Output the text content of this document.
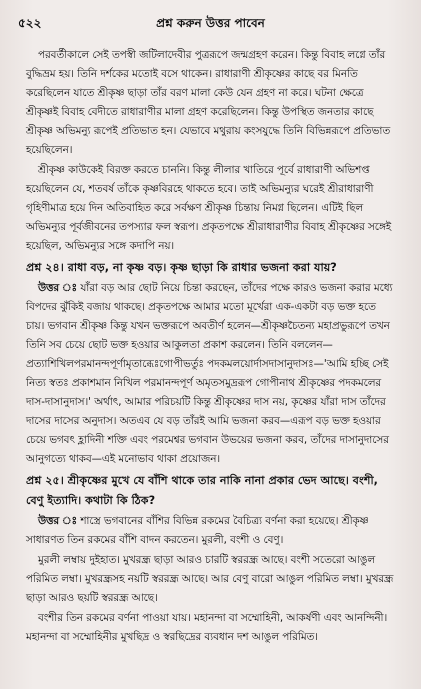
৫২২	প্রশ্ন করুন উত্তর পাবেন

পরবর্তীকালে সেই তপস্বী জটিলাদেবীর পুত্ররূপে জন্মগ্রহণ করেন। কিন্তু বিবাহ লগ্নে তাঁর বুদ্ধিভ্রম হয়। তিনি দর্শকের মতোই বসে থাকেন। রাধারাণী শ্রীকৃষ্ণের কাছে বর মিনতি করেছিলেন যাতে শ্রীকৃষ্ণ ছাড়া তাঁর বরণ মালা কেউ যেন গ্রহণ না করে। ঘটনা ক্ষেত্রে শ্রীকৃষ্ণই বিবাহ বেদীতে রাধারাণীর মালা গ্রহণ করেছিলেন। কিন্তু উপস্থিত জনতার কাছে শ্রীকৃষ্ণ অভিমন্যু রূপেই প্রতিভাত হন। যেভাবে মথুরায় কংসযুদ্ধে তিনি বিভিন্নরূপে প্রতিভাত হয়েছিলেন।

শ্রীকৃষ্ণ কাউকেই বিরক্ত করতে চাননি। কিন্তু লীলার খাতিরে পূর্বে রাধারাণী অভিশপ্ত হয়েছিলেন যে, শতবর্ষ তাঁকে কৃষ্ণবিরহে থাকতে হবে। তাই অভিমন্যুর ঘরেই শ্রীরাধারাণী গৃহিণীমাত্র হয়ে দিন অতিবাহিত করে সর্বক্ষণ শ্রীকৃষ্ণ চিন্তায় নিমগ্ন ছিলেন। এটিই ছিল অভিমন্যুর পূর্বজীবনের তপস্যার ফল স্বরূপ। প্রকৃতপক্ষে শ্রীরাধারাণীর বিবাহ শ্রীকৃষ্ণের সঙ্গেই হয়েছিল, অভিমন্যুর সঙ্গে কদাপি নয়।

প্রশ্ন ২৪। রাধা বড়, না কৃষ্ণ বড়। কৃষ্ণ ছাড়া কি রাধার ভজনা করা যায়?

উত্তর ঃ যাঁরা বড় আর ছোট নিয়ে চিন্তা করছেন, তাঁদের পক্ষে কারও ভজনা করার মধ্যে বিপদের ঝুঁকিই বজায় থাকছে। প্রকৃতপক্ষে আমার মতো মূর্খেরা এক-একটা বড় ভক্ত হতে চায়। ভগবান শ্রীকৃষ্ণ কিন্তু যখন ভক্তরূপে অবতীর্ণ হলেন—শ্রীকৃষ্ণচৈতন্য মহাপ্রভুরূপে তখন তিনি সব চেয়ে ছোট ভক্ত হওয়ার আকুলতা প্রকাশ করলেন। তিনি বললেন—প্রত্যাশিখিলপরমানন্দপূর্ণামৃতাব্ধেঃগোপীভর্তুঃ পদকমলয়োর্দাসদাসানুদাসঃ—'আমি হচ্ছি সেই নিত্য স্বতঃ প্রকাশমান নিখিল পরমানন্দপূর্ণ অমৃতসমুদ্ররূপ গোপীনাথ শ্রীকৃষ্ণের পদকমলের দাস-দাসানুদাস।' অর্থাৎ, আমার পরিচয়টি কিন্তু শ্রীকৃষ্ণের দাস নয়, কৃষ্ণের যাঁরা দাস তাঁদের দাসের দাসের অনুদাস। অতএব যে বড় তাঁরই আমি ভজনা করব—এরূপ বড় ভক্ত হওয়ার চেয়ে ভগবৎ হ্লাদিনী শক্তি এবং পরমেশ্বর ভগবান উভয়ের ভজনা করব, তাঁদের দাসানুদাসের আনুগত্যে থাকব—এই মনোভাব থাকা প্রয়োজন।

প্রশ্ন ২৫। শ্রীকৃষ্ণের মুখে যে বাঁশি থাকে তার নাকি নানা প্রকার ভেদ আছে। বংশী, বেণু ইত্যাদি। কথাটা কি ঠিক?

উত্তর ঃ শাস্ত্রে ভগবানের বাঁশির বিভিন্ন রকমের বৈচিত্র্য বর্ণনা করা হয়েছে। শ্রীকৃষ্ণ সাধারণত তিন রকমের বাঁশি বাদন করতেন। মুরলী, বংশী ও বেণু।

মুরলী লম্বায় দুইহাত। মুখরন্ধ্র ছাড়া আরও চারটি স্বররন্ধ্র আছে। বংশী সতেরো আঙুল পরিমিত লম্বা। মুখরন্ধ্রসহ নয়টি স্বররন্ধ্র আছে। আর বেণু বারো আঙুল পরিমিত লম্বা। মুখরন্ধ্র ছাড়া আরও ছয়টি স্বররন্ধ্র আছে।

বংশীর তিন রকমের বর্ণনা পাওয়া যায়। মহানন্দা বা সম্মোহিনী, আকর্ষণী এবং আনন্দিনী। মহানন্দা বা সম্মোহিনীর মুখছিদ্র ও স্বরছিদ্রের ব্যবধান দশ আঙুল পরিমিত।
